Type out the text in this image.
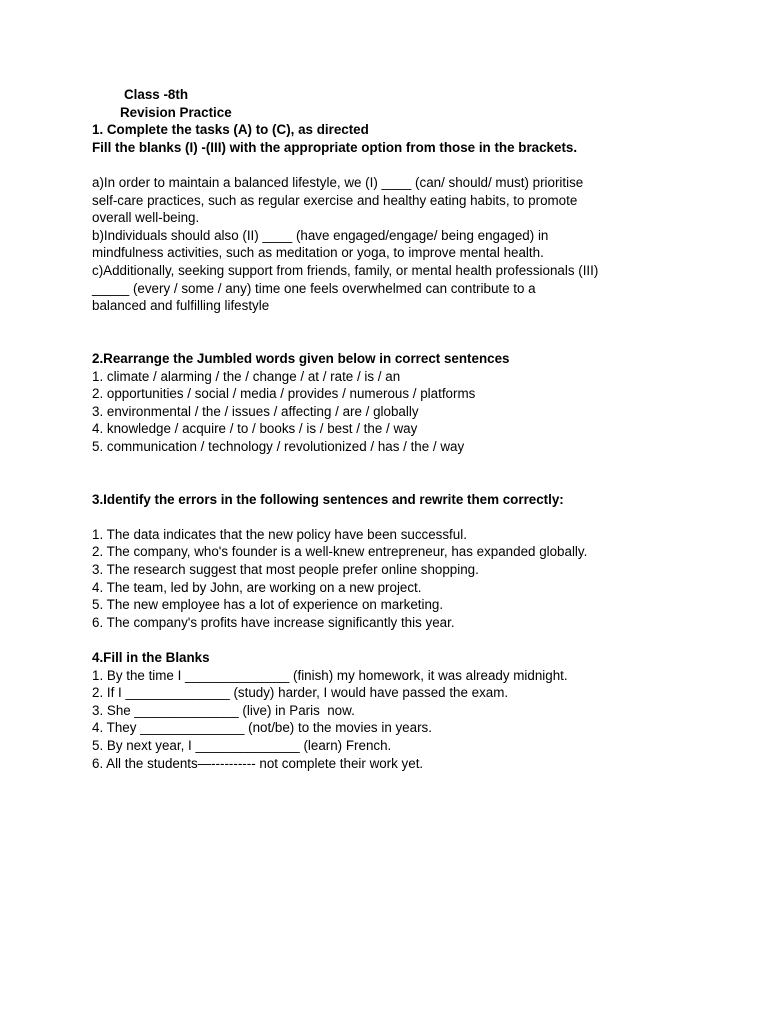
Class -8th

Revision Practice

1. Complete the tasks (A) to (C), as directed

Fill the blanks (I) -(III) with the appropriate option from those in the brackets.

a)In order to maintain a balanced lifestyle, we (I) ____ (can/ should/ must) prioritise

self-care practices, such as regular exercise and healthy eating habits, to promote

overall well-being.

b)Individuals should also (II) ____ (have engaged/engage/ being engaged) in

mindfulness activities, such as meditation or yoga, to improve mental health.

c)Additionally, seeking support from friends, family, or mental health professionals (III)

_____ (every / some / any) time one feels overwhelmed can contribute to a

balanced and fulfilling lifestyle

2.Rearrange the Jumbled words given below in correct sentences

1. climate / alarming / the / change / at / rate / is / an

2. opportunities / social / media / provides / numerous / platforms

3. environmental / the / issues / affecting / are / globally

4. knowledge / acquire / to / books / is / best / the / way

5. communication / technology / revolutionized / has / the / way

3.Identify the errors in the following sentences and rewrite them correctly:

1. The data indicates that the new policy have been successful.

2. The company, who's founder is a well-knew entrepreneur, has expanded globally.

3. The research suggest that most people prefer online shopping.

4. The team, led by John, are working on a new project.

5. The new employee has a lot of experience on marketing.

6. The company's profits have increase significantly this year.

4.Fill in the Blanks

1. By the time I ______________ (finish) my homework, it was already midnight.

2. If I ______________ (study) harder, I would have passed the exam.

3. She ______________ (live) in Paris  now.

4. They ______________ (not/be) to the movies in years.

5. By next year, I ______________ (learn) French.

6. All the students—---------- not complete their work yet.
